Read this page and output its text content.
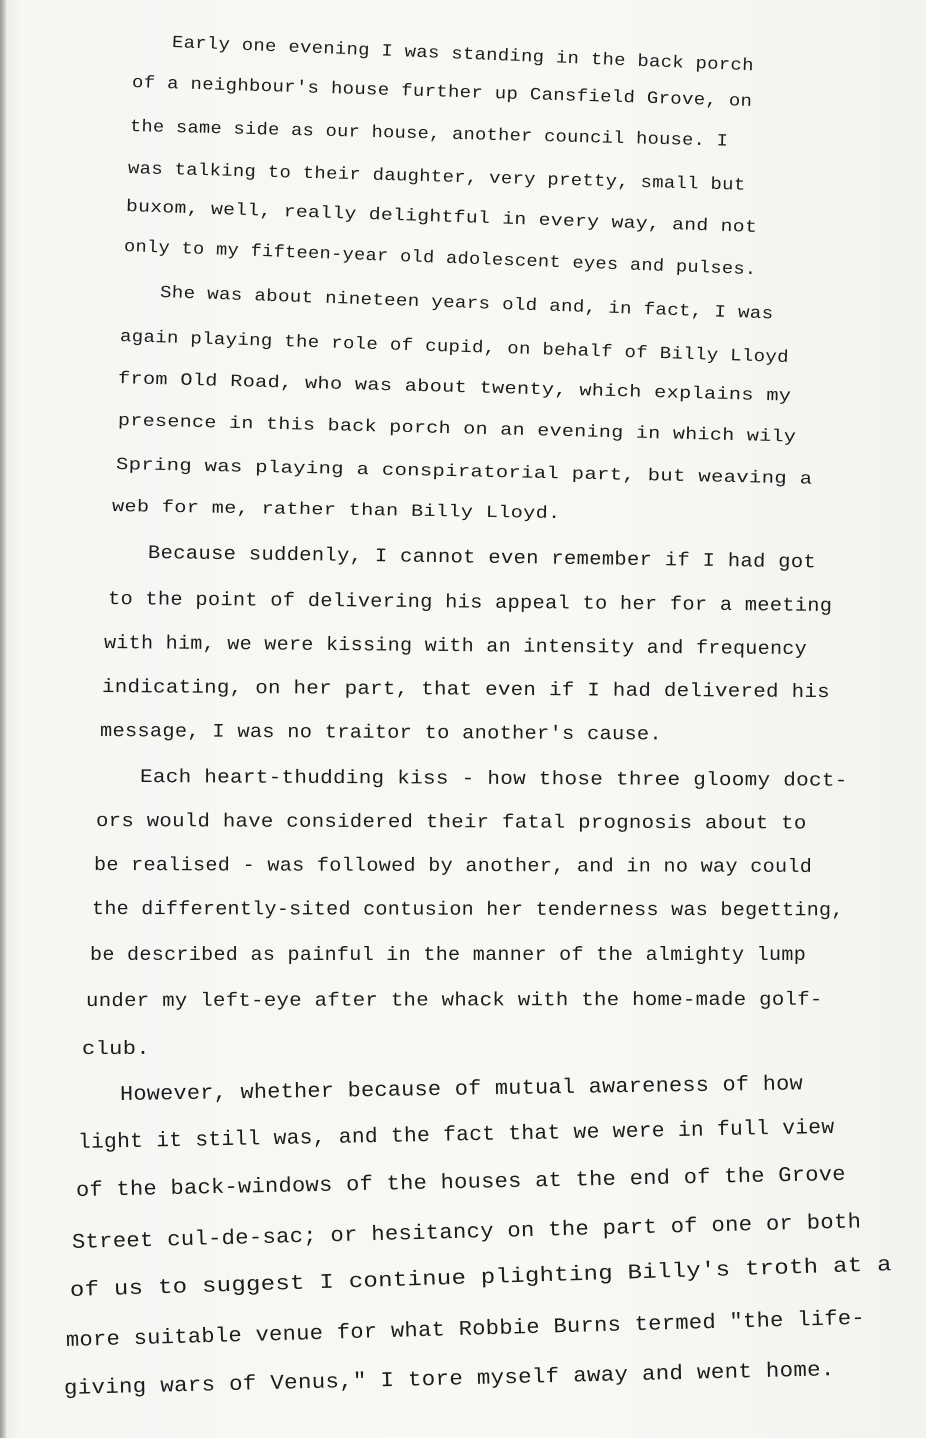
Early one evening I was standing in the back porch
of a neighbour's house further up Cansfield Grove, on
the same side as our house, another council house. I
was talking to their daughter, very pretty, small but
buxom, well, really delightful in every way, and not
only to my fifteen-year old adolescent eyes and pulses.
She was about nineteen years old and, in fact, I was
again playing the role of cupid, on behalf of Billy Lloyd
from Old Road, who was about twenty, which explains my
presence in this back porch on an evening in which wily
Spring was playing a conspiratorial part, but weaving a
web for me, rather than Billy Lloyd.
Because suddenly, I cannot even remember if I had got
to the point of delivering his appeal to her for a meeting
with him, we were kissing with an intensity and frequency
indicating, on her part, that even if I had delivered his
message, I was no traitor to another's cause.
Each heart-thudding kiss - how those three gloomy doct-
ors would have considered their fatal prognosis about to
be realised - was followed by another, and in no way could
the differently-sited contusion her tenderness was begetting,
be described as painful in the manner of the almighty lump
under my left-eye after the whack with the home-made golf-
club.
However, whether because of mutual awareness of how
light it still was, and the fact that we were in full view
of the back-windows of the houses at the end of the Grove
Street cul-de-sac; or hesitancy on the part of one or both
of us to suggest I continue plighting Billy's troth at a
more suitable venue for what Robbie Burns termed "the life-
giving wars of Venus," I tore myself away and went home.
